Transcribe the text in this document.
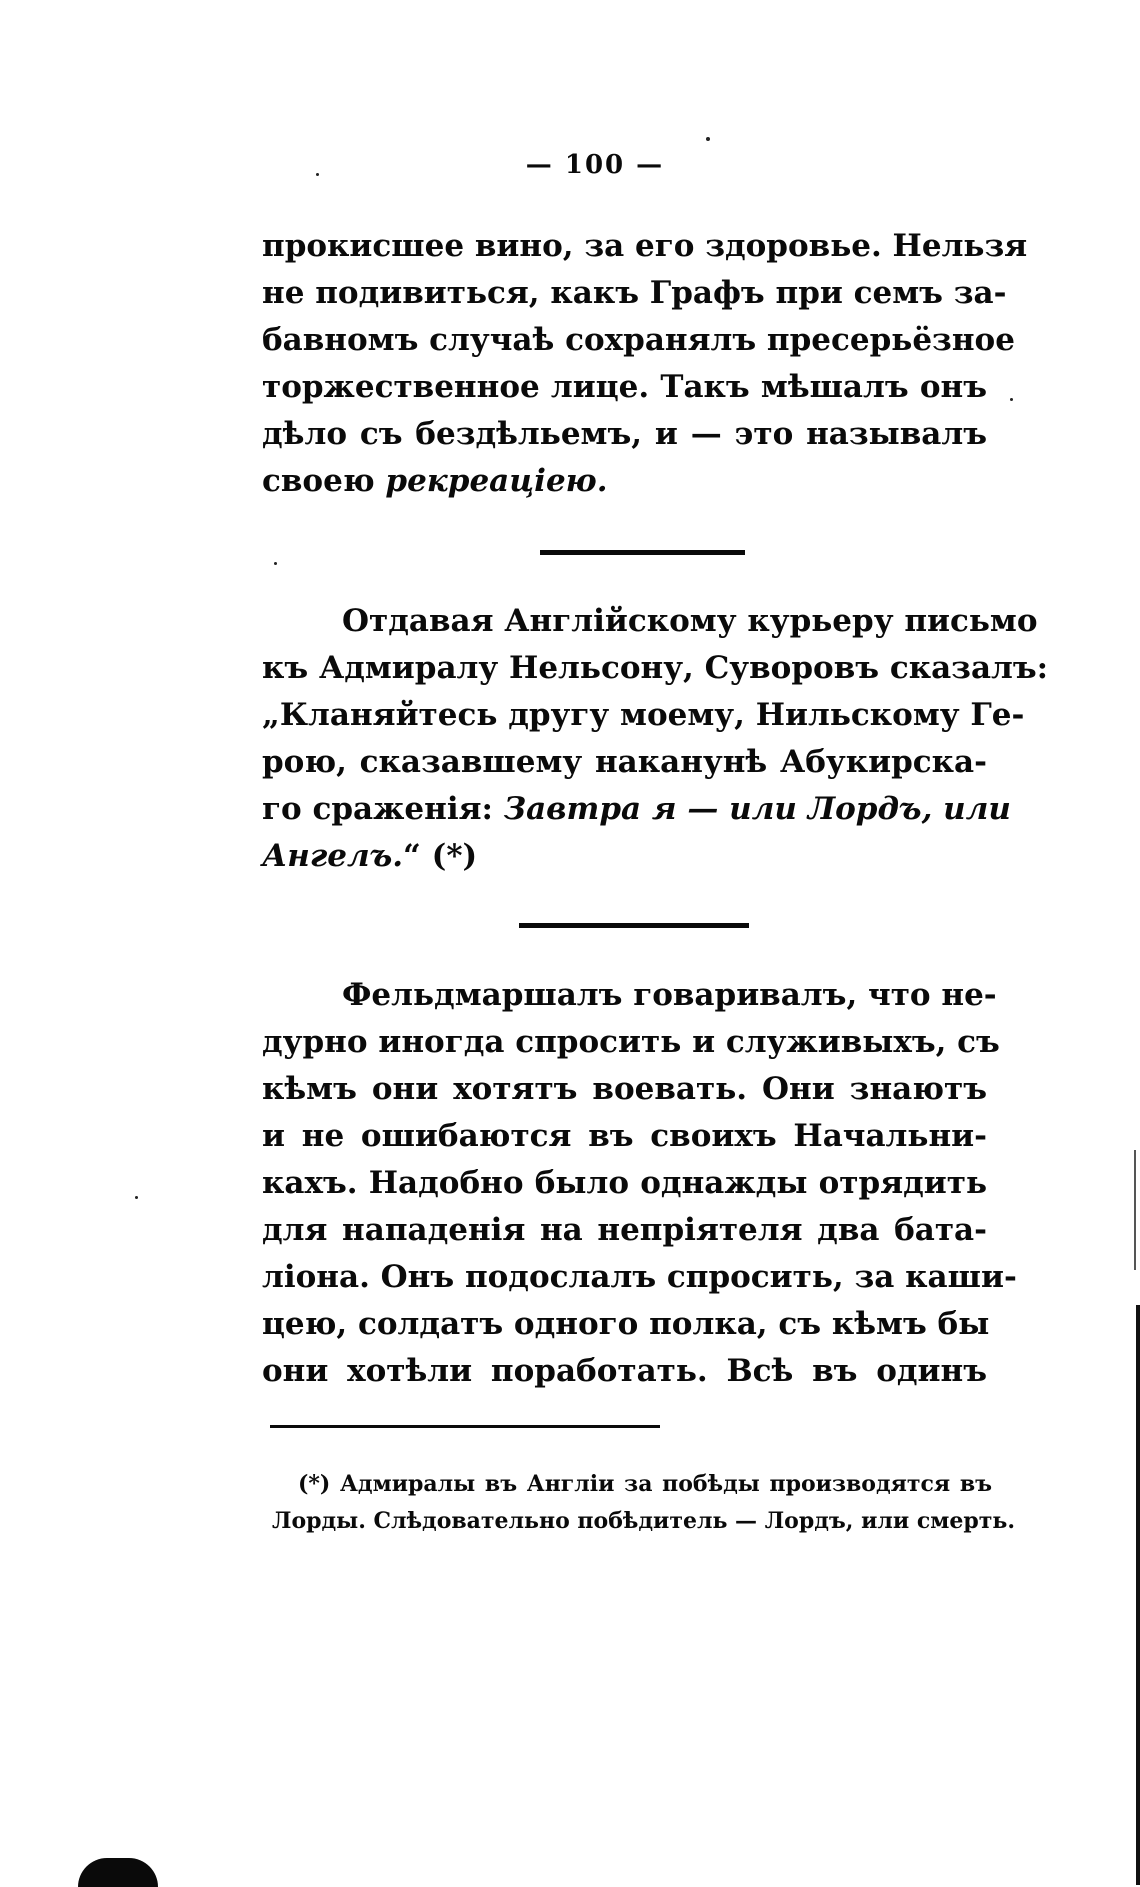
— 100 —
прокисшее вино, за его здоровье. Нельзя
не подивиться, какъ Графъ при семъ за-
бавномъ случаѣ сохранялъ пресерьёзное
торжественное лице. Такъ мѣшалъ онъ
дѣло съ бездѣльемъ, и — это называлъ
своею рекреацiею.
Отдавая Англiйскому курьеру письмо
къ Адмиралу Нельсону, Суворовъ сказалъ:
„Кланяйтесь другу моему, Нильскому Ге-
рою, сказавшему наканунѣ Абукирска-
го сраженiя: Завтра я — или Лордъ, или
Ангелъ.“ (*)
Фельдмаршалъ говаривалъ, что не-
дурно иногда спросить и служивыхъ, съ
кѣмъ они хотятъ воевать. Они знаютъ
и не ошибаются въ своихъ Начальни-
кахъ. Надобно было однажды отрядить
для нападенiя на непрiятеля два бата-
лiона. Онъ подослалъ спросить, за каши-
цею, солдатъ одного полка, съ кѣмъ бы
они хотѣли поработать. Всѣ въ одинъ
(*) Адмиралы въ Англiи за побѣды производятся въ
Лорды. Слѣдовательно побѣдитель — Лордъ, или смерть.
